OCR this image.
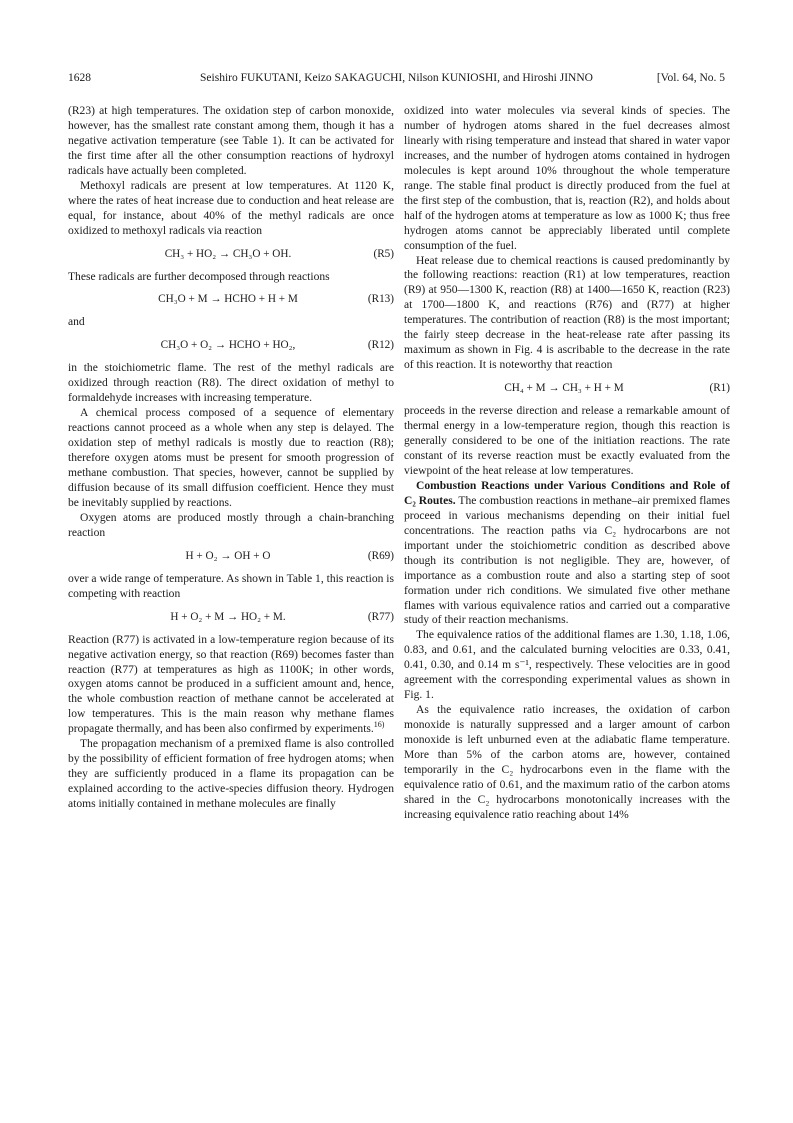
1628	Seishiro FUKUTANI, Keizo SAKAGUCHI, Nilson KUNIOSHI, and Hiroshi JINNO	[Vol. 64, No. 5

(R23) at high temperatures. The oxidation step of carbon monoxide, however, has the smallest rate constant among them, though it has a negative activation temperature (see Table 1). It can be activated for the first time after all the other consumption reactions of hydroxyl radicals have actually been completed.

Methoxyl radicals are present at low temperatures. At 1120 K, where the rates of heat increase due to conduction and heat release are equal, for instance, about 40% of the methyl radicals are once oxidized to methoxyl radicals via reaction

CH₃ + HO₂ → CH₃O + OH.	(R5)

These radicals are further decomposed through reactions

CH₃O + M → HCHO + H + M	(R13)

and

CH₃O + O₂ → HCHO + HO₂,	(R12)

in the stoichiometric flame. The rest of the methyl radicals are oxidized through reaction (R8). The direct oxidation of methyl to formaldehyde increases with increasing temperature.

A chemical process composed of a sequence of elementary reactions cannot proceed as a whole when any step is delayed. The oxidation step of methyl radicals is mostly due to reaction (R8); therefore oxygen atoms must be present for smooth progression of methane combustion. That species, however, cannot be supplied by diffusion because of its small diffusion coefficient. Hence they must be inevitably supplied by reactions.

Oxygen atoms are produced mostly through a chain-branching reaction

H + O₂ → OH + O	(R69)

over a wide range of temperature. As shown in Table 1, this reaction is competing with reaction

H + O₂ + M → HO₂ + M.	(R77)

Reaction (R77) is activated in a low-temperature region because of its negative activation energy, so that reaction (R69) becomes faster than reaction (R77) at temperatures as high as 1100K; in other words, oxygen atoms cannot be produced in a sufficient amount and, hence, the whole combustion reaction of methane cannot be accelerated at low temperatures. This is the main reason why methane flames propagate thermally, and has been also confirmed by experiments.$^{16)}$

The propagation mechanism of a premixed flame is also controlled by the possibility of efficient formation of free hydrogen atoms; when they are sufficiently produced in a flame its propagation can be explained according to the active-species diffusion theory. Hydrogen atoms initially contained in methane molecules are finally

oxidized into water molecules via several kinds of species. The number of hydrogen atoms shared in the fuel decreases almost linearly with rising temperature and instead that shared in water vapor increases, and the number of hydrogen atoms contained in hydrogen molecules is kept around 10% throughout the whole temperature range. The stable final product is directly produced from the fuel at the first step of the combustion, that is, reaction (R2), and holds about half of the hydrogen atoms at temperature as low as 1000 K; thus free hydrogen atoms cannot be appreciably liberated until complete consumption of the fuel.

Heat release due to chemical reactions is caused predominantly by the following reactions: reaction (R1) at low temperatures, reaction (R9) at 950—1300 K, reaction (R8) at 1400—1650 K, reaction (R23) at 1700—1800 K, and reactions (R76) and (R77) at higher temperatures. The contribution of reaction (R8) is the most important; the fairly steep decrease in the heat-release rate after passing its maximum as shown in Fig. 4 is ascribable to the decrease in the rate of this reaction. It is noteworthy that reaction

CH₄ + M → CH₃ + H + M	(R1)

proceeds in the reverse direction and release a remarkable amount of thermal energy in a low-temperature region, though this reaction is generally considered to be one of the initiation reactions. The rate constant of its reverse reaction must be exactly evaluated from the viewpoint of the heat release at low temperatures.

Combustion Reactions under Various Conditions and Role of C₂ Routes. The combustion reactions in methane–air premixed flames proceed in various mechanisms depending on their initial fuel concentrations. The reaction paths via C₂ hydrocarbons are not important under the stoichiometric condition as described above though its contribution is not negligible. They are, however, of importance as a combustion route and also a starting step of soot formation under rich conditions. We simulated five other methane flames with various equivalence ratios and carried out a comparative study of their reaction mechanisms.

The equivalence ratios of the additional flames are 1.30, 1.18, 1.06, 0.83, and 0.61, and the calculated burning velocities are 0.33, 0.41, 0.41, 0.30, and 0.14 m s⁻¹, respectively. These velocities are in good agreement with the corresponding experimental values as shown in Fig. 1.

As the equivalence ratio increases, the oxidation of carbon monoxide is naturally suppressed and a larger amount of carbon monoxide is left unburned even at the adiabatic flame temperature. More than 5% of the carbon atoms are, however, contained temporarily in the C₂ hydrocarbons even in the flame with the equivalence ratio of 0.61, and the maximum ratio of the carbon atoms shared in the C₂ hydrocarbons monotonically increases with the increasing equivalence ratio reaching about 14%
